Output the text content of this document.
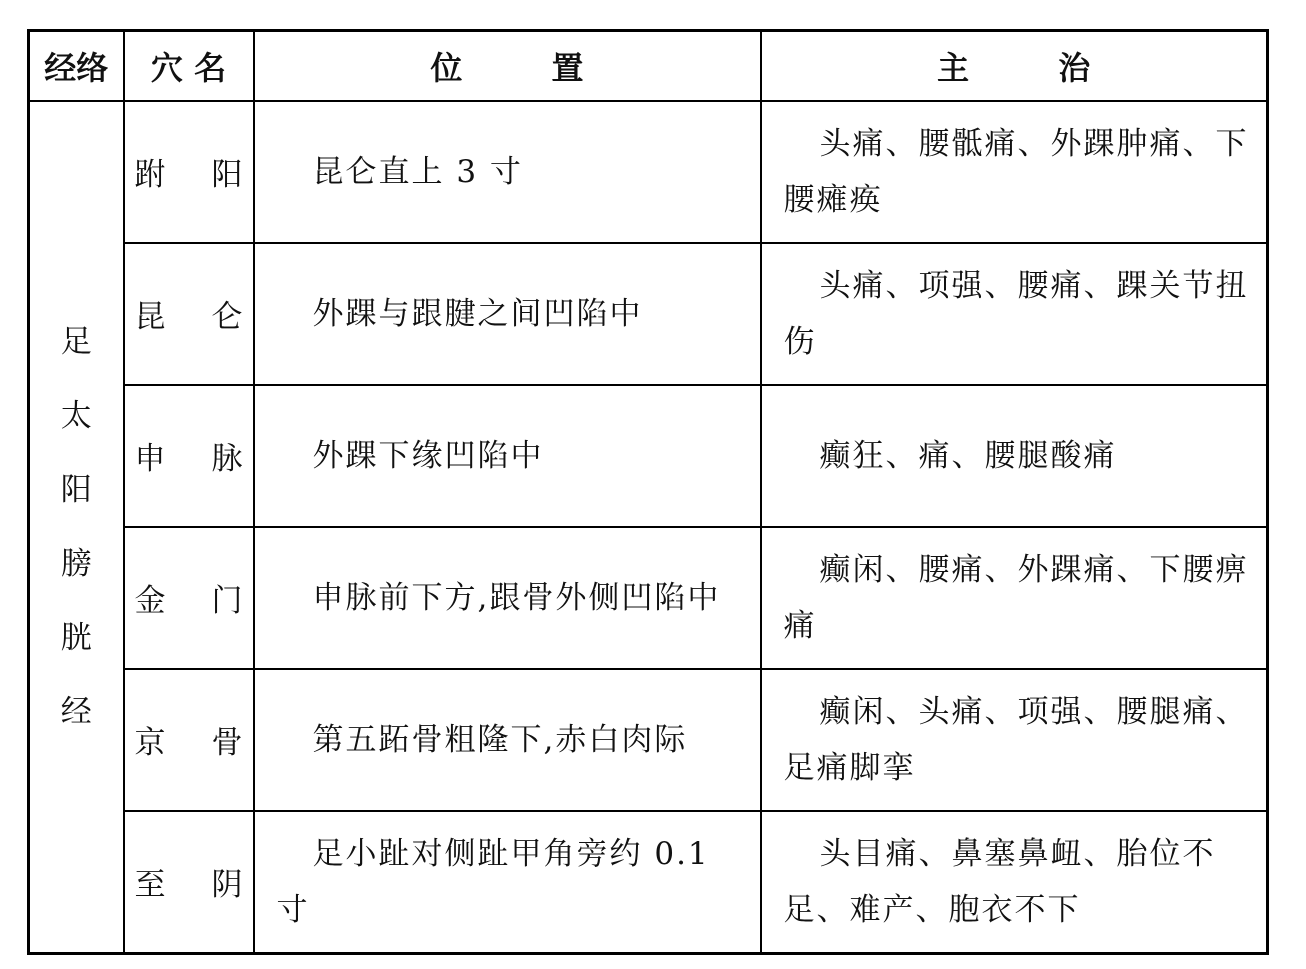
经络	穴 名	位        置	主        治
足太阳膀胱经	跗 阳	昆仑直上 3 寸	头痛、腰骶痛、外踝肿痛、下腰瘫痪

	昆 仑	外踝与跟腱之间凹陷中	头痛、项强、腰痛、踝关节扭伤

	申 脉	外踝下缘凹陷中	癫狂、痛、腰腿酸痛

	金 门	申脉前下方,跟骨外侧凹陷中	癫闲、腰痛、外踝痛、下腰痹痛

	京 骨	第五跖骨粗隆下,赤白肉际	癫闲、头痛、项强、腰腿痛、足痛脚挛

	至 阴	足小趾对侧趾甲角旁约 0.1 寸	头目痛、鼻塞鼻衄、胎位不足、难产、胞衣不下
